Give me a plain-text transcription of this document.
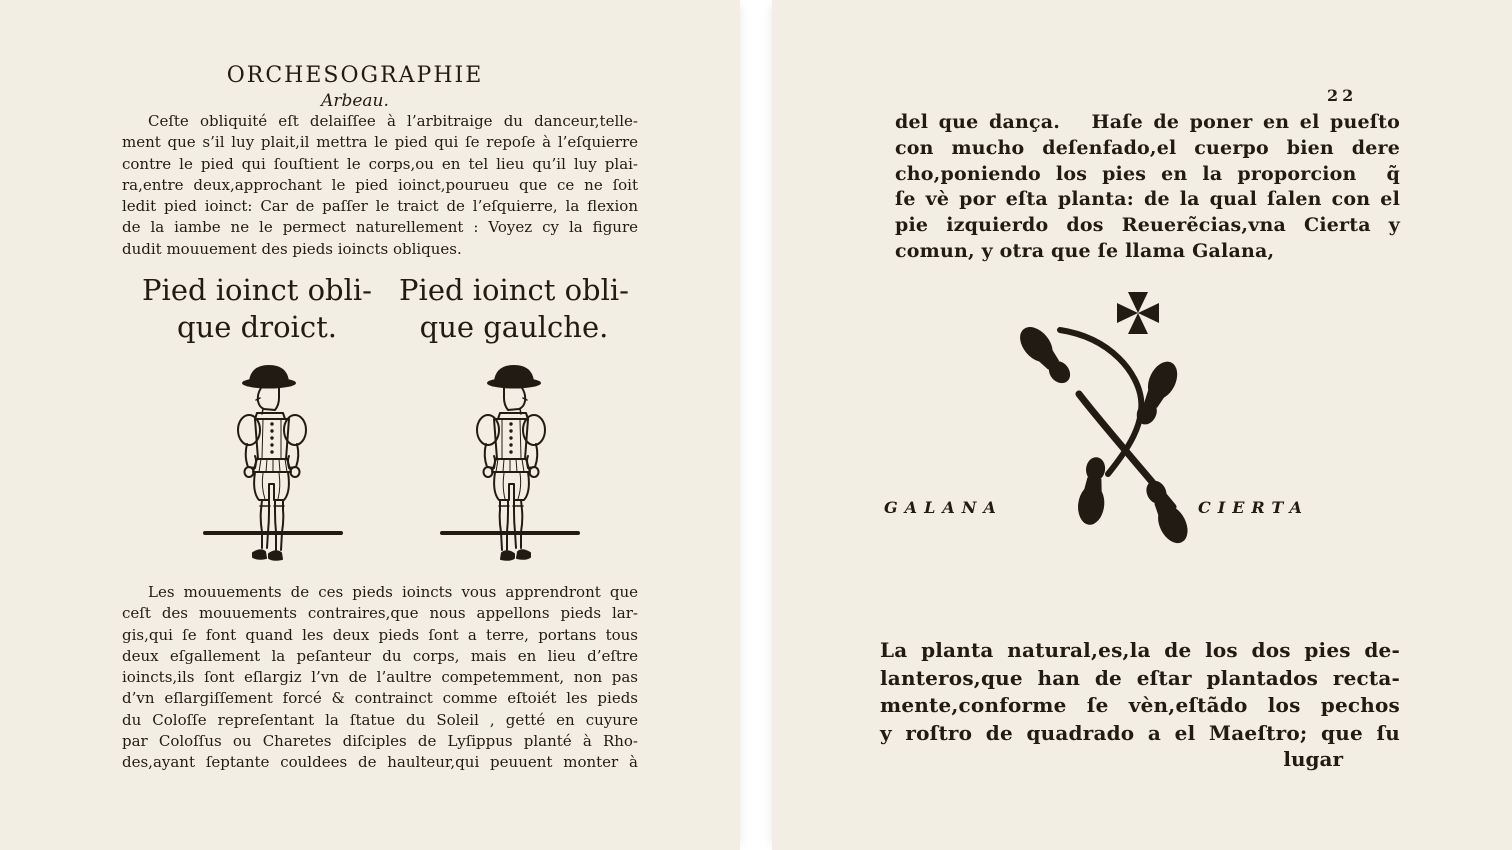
ORCHESOGRAPHIE
Arbeau.
Ceſte obliquité eſt delaiſſee à l’arbitraige du danceur,telle-
ment que s’il luy plait,il mettra le pied qui ſe repoſe à l’eſquierre
contre le pied qui ſouſtient le corps,ou en tel lieu qu’il luy plai-
ra,entre deux,approchant le pied ioinct,pourueu que ce ne ſoit
ledit pied ioinct: Car de paſſer le traict de l’eſquierre, la flexion
de la iambe ne le permect naturellement : Voyez cy la figure
dudit mouuement des pieds ioincts obliques.
Pied ioinct obli-
que droict.
Pied ioinct obli-
que gaulche.
Les mouuements de ces pieds ioincts vous apprendront que
ceſt des mouuements contraires,que nous appellons pieds lar-
gis,qui ſe font quand les deux pieds ſont a terre, portans tous
deux eſgallement la peſanteur du corps, mais en lieu d’eſtre
ioincts,ils ſont eſlargiz l’vn de l’aultre competemment, non pas
d’vn eſlargiſſement forcé & contrainct comme eſtoiét les pieds
du Coloſſe repreſentant la ſtatue du Soleil , getté en cuyure
par Coloſſus ou Charetes diſciples de Lyſippus planté à Rho-
des,ayant ſeptante couldees de haulteur,qui peuuent monter à
22
del que dança.   Haſe de poner en el pueſto
con mucho deſenfado,el cuerpo bien dere
cho,poniendo los pies en la proporcion  q̃
ſe vè por eſta planta: de la qual ſalen con el
pie izquierdo dos Reuerẽcias,vna Cierta y
comun, y otra que ſe llama Galana,
GALANA	CIERTA
La planta natural,es,la de los dos pies de-
lanteros,que han de eſtar plantados recta-
mente,conforme ſe vèn,eſtãdo los pechos
y roſtro de quadrado a el Maeſtro; que ſu
lugar
